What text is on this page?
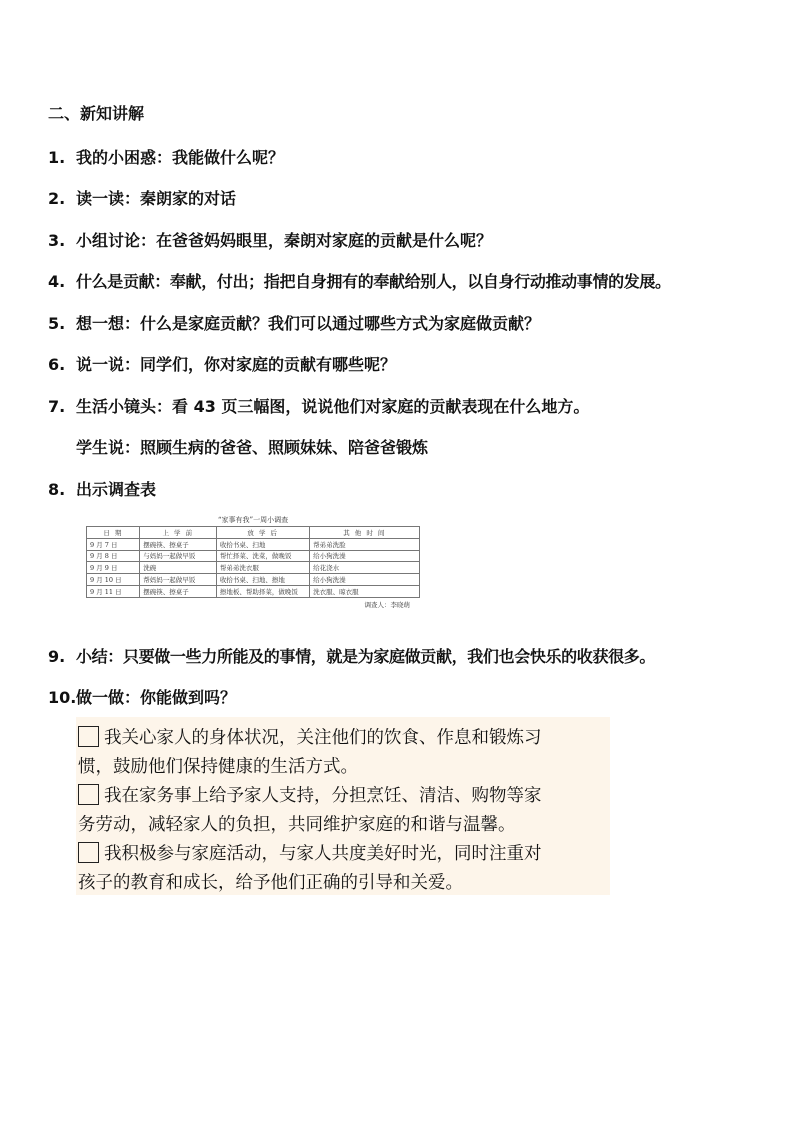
二、新知讲解
1. 我的小困惑：我能做什么呢？
2. 读一读：秦朗家的对话
3. 小组讨论：在爸爸妈妈眼里，秦朗对家庭的贡献是什么呢？
4. 什么是贡献：奉献，付出；指把自身拥有的奉献给别人，以自身行动推动事情的发展。
5. 想一想：什么是家庭贡献？我们可以通过哪些方式为家庭做贡献？
6. 说一说：同学们，你对家庭的贡献有哪些呢？
7. 生活小镜头：看 43 页三幅图，说说他们对家庭的贡献表现在什么地方。
学生说：照顾生病的爸爸、照顾妹妹、陪爸爸锻炼
8. 出示调查表
“家事有我”一周小调查
日 期	上 学 前	放 学 后	其 他 时 间
9 月 7 日	摆碗筷、擦桌子	收拾书桌、扫地	帮弟弟洗脸
9 月 8 日	与妈妈一起做早饭	帮忙择菜、洗菜，做晚饭	给小狗洗澡
9 月 9 日	洗碗	帮弟弟洗衣服	给花浇水
9 月 10 日	帮妈妈一起做早饭	收拾书桌、扫地、擦地	给小狗洗澡
9 月 11 日	摆碗筷、擦桌子	擦地板、帮助择菜，做晚饭	洗衣服、晾衣服
调查人：李晓萌
9. 小结：只要做一些力所能及的事情，就是为家庭做贡献，我们也会快乐的收获很多。
10. 做一做：你能做到吗？
我关心家人的身体状况，关注他们的饮食、作息和锻炼习
惯，鼓励他们保持健康的生活方式。
我在家务事上给予家人支持，分担烹饪、清洁、购物等家
务劳动，减轻家人的负担，共同维护家庭的和谐与温馨。
我积极参与家庭活动，与家人共度美好时光，同时注重对
孩子的教育和成长，给予他们正确的引导和关爱。
